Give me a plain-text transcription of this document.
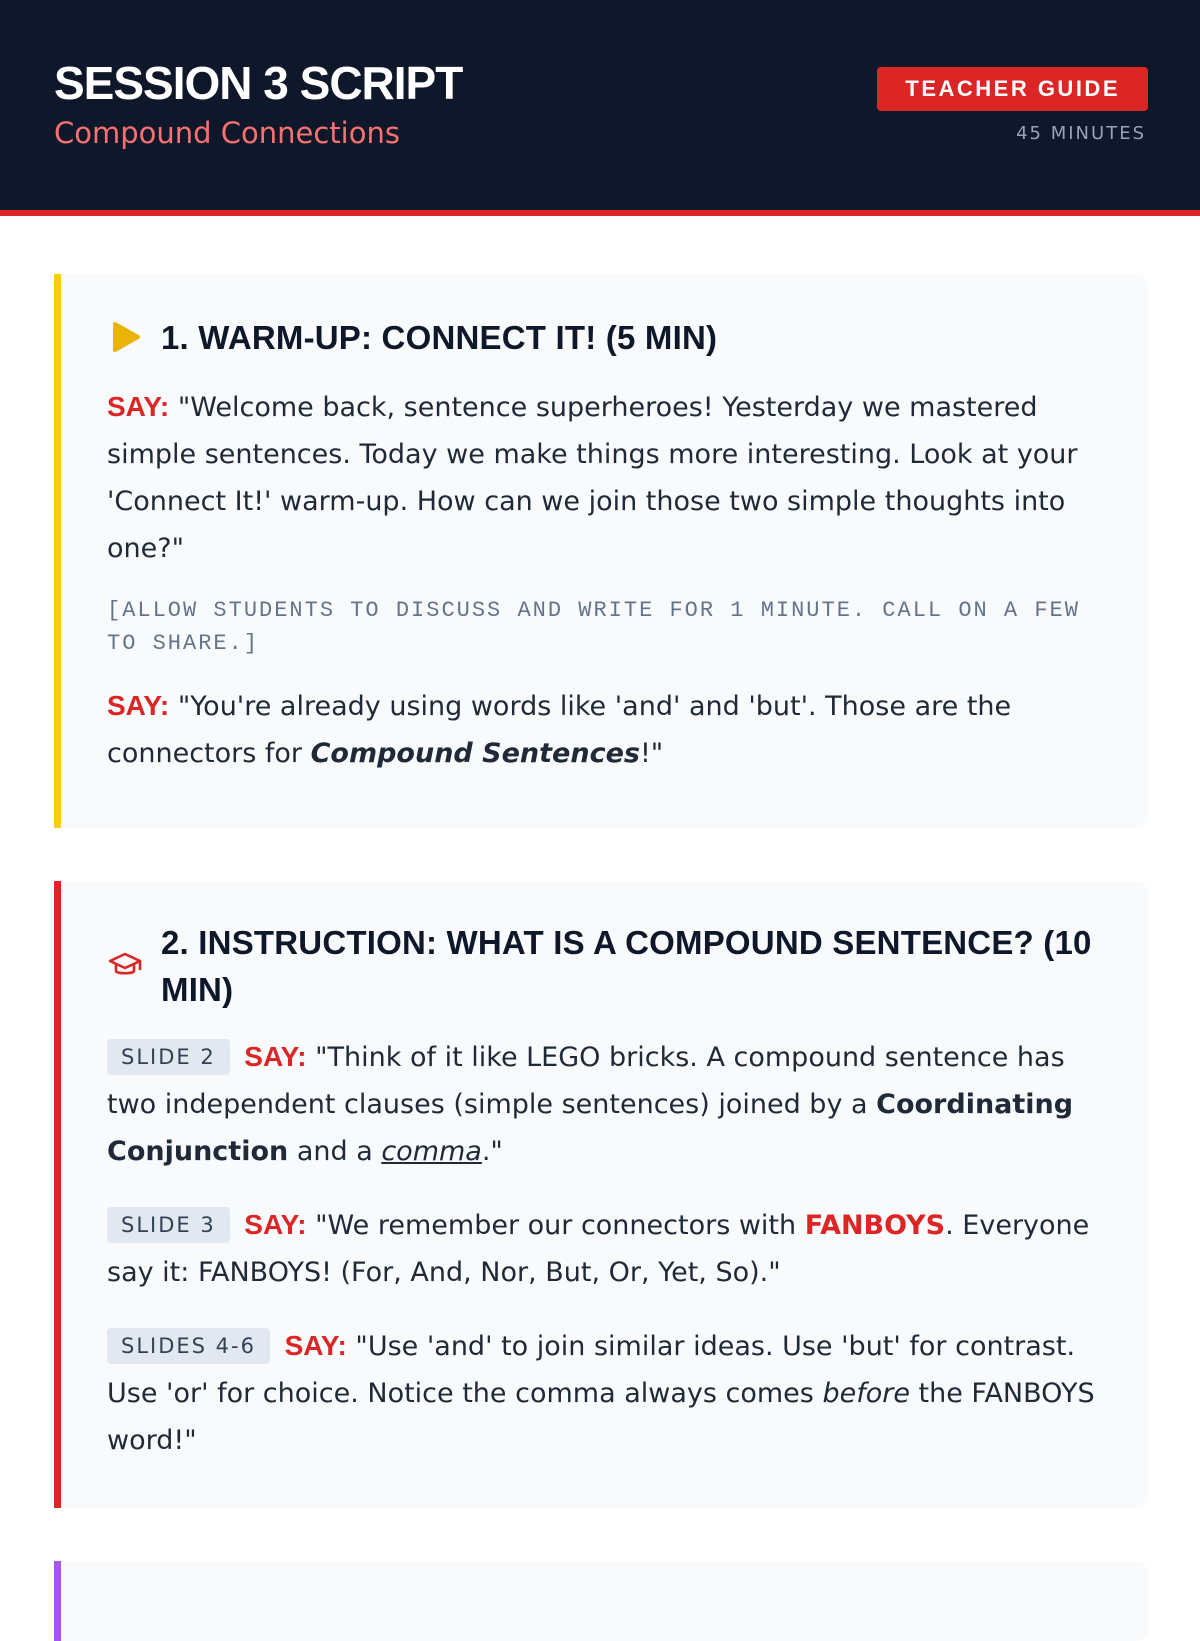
SESSION 3 SCRIPT
Compound Connections
TEACHER GUIDE
45 MINUTES
1. WARM-UP: CONNECT IT! (5 MIN)

SAY: "Welcome back, sentence superheroes! Yesterday we mastered simple sentences. Today we make things more interesting. Look at your 'Connect It!' warm-up. How can we join those two simple thoughts into one?"

[ALLOW STUDENTS TO DISCUSS AND WRITE FOR 1 MINUTE. CALL ON A FEW TO SHARE.]

SAY: "You're already using words like 'and' and 'but'. Those are the connectors for Compound Sentences!"

2. INSTRUCTION: WHAT IS A COMPOUND SENTENCE? (10 MIN)

SLIDE 2 SAY: "Think of it like LEGO bricks. A compound sentence has two independent clauses (simple sentences) joined by a Coordinating Conjunction and a comma."

SLIDE 3 SAY: "We remember our connectors with FANBOYS. Everyone say it: FANBOYS! (For, And, Nor, But, Or, Yet, So)."

SLIDES 4-6 SAY: "Use 'and' to join similar ideas. Use 'but' for contrast. Use 'or' for choice. Notice the comma always comes before the FANBOYS word!"
